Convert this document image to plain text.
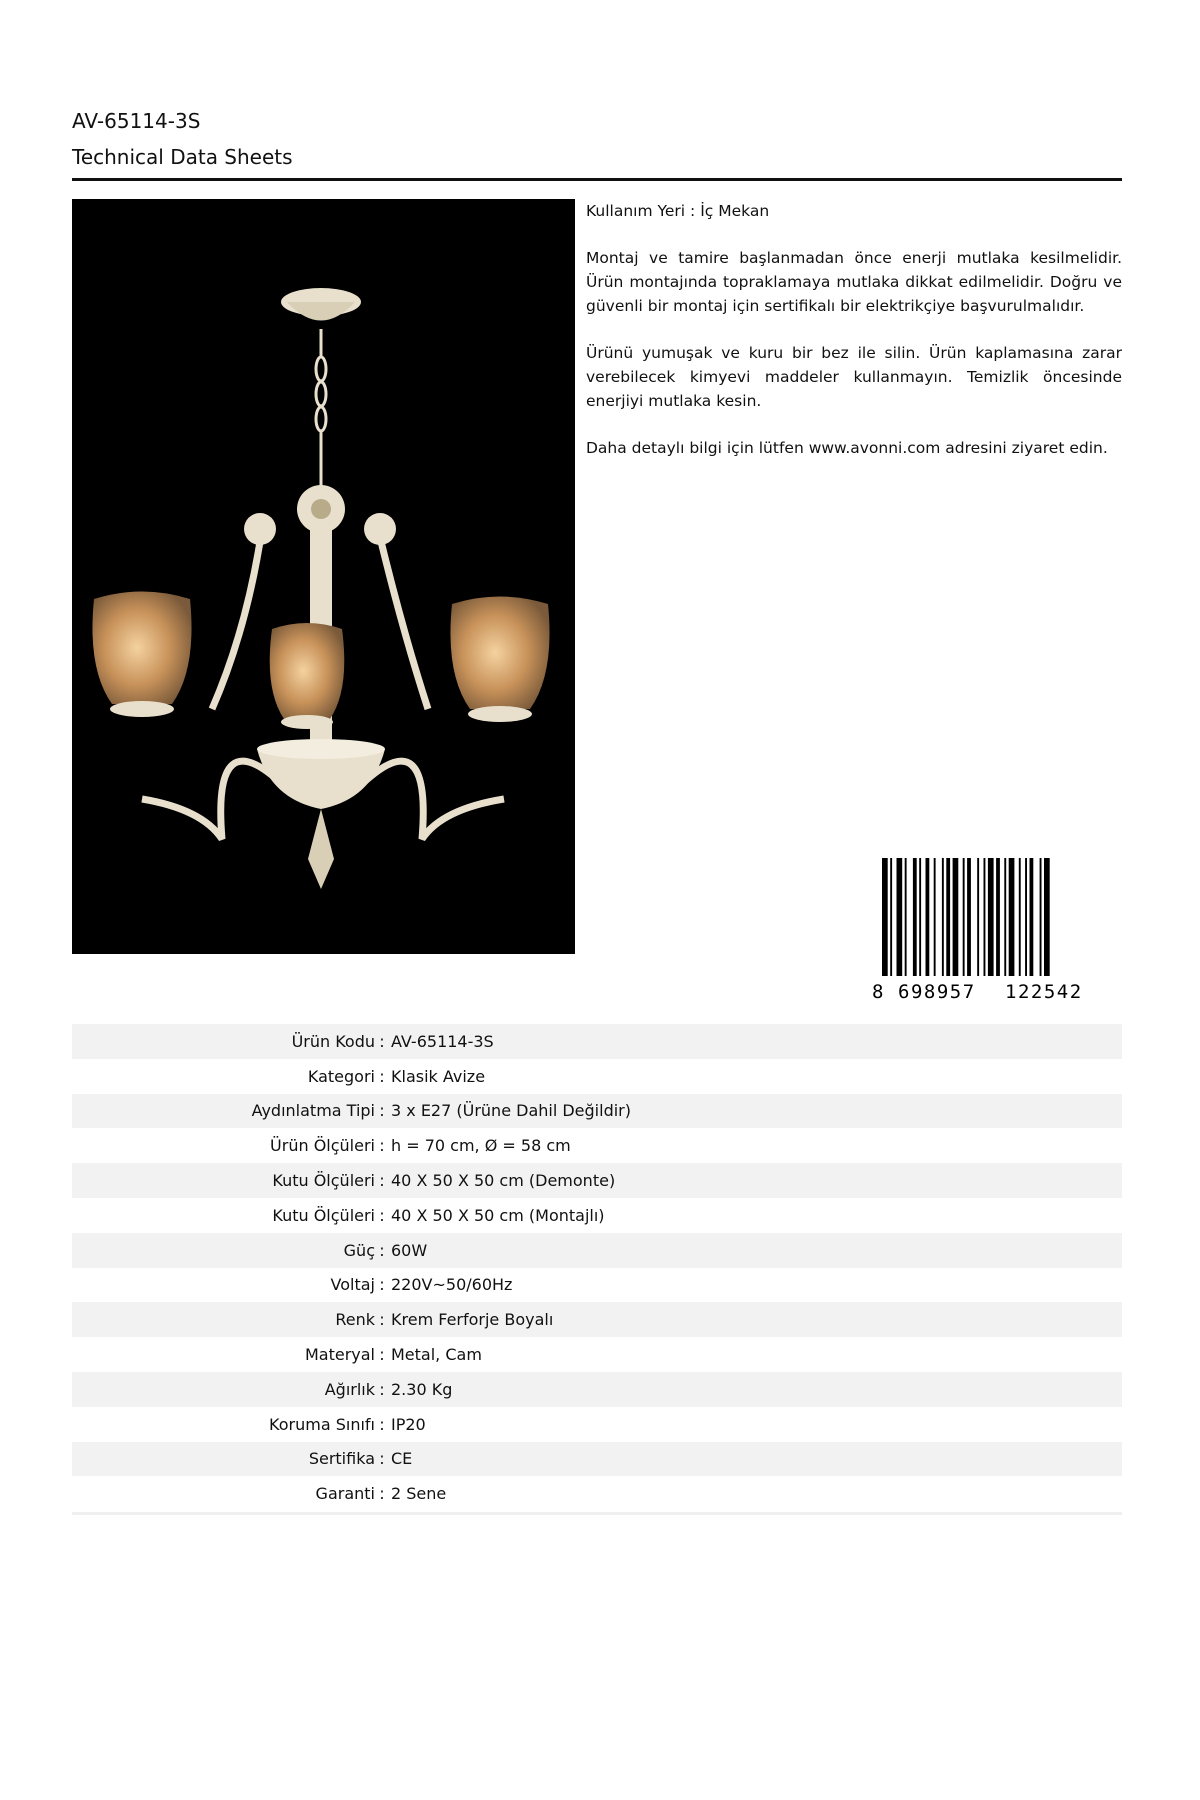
AV-65114-3S
Technical Data Sheets

Kullanım Yeri : İç Mekan

Montaj ve tamire başlanmadan önce enerji mutlaka kesilmelidir. Ürün montajında topraklamaya mutlaka dikkat edilmelidir. Doğru ve güvenli bir montaj için sertifikalı bir elektrikçiye başvurulmalıdır.

Ürünü yumuşak ve kuru bir bez ile silin. Ürün kaplamasına zarar verebilecek kimyevi maddeler kullanmayın. Temizlik öncesinde enerjiyi mutlaka kesin.

Daha detaylı bilgi için lütfen www.avonni.com adresini ziyaret edin.

8 698957 122542
Ürün Kodu : AV-65114-3S
Kategori : Klasik Avize
Aydınlatma Tipi : 3 x E27 (Ürüne Dahil Değildir)
Ürün Ölçüleri : h = 70 cm, Ø = 58 cm
Kutu Ölçüleri : 40 X 50 X 50 cm (Demonte)
Kutu Ölçüleri : 40 X 50 X 50 cm (Montajlı)
Güç : 60W
Voltaj : 220V~50/60Hz
Renk : Krem Ferforje Boyalı
Materyal : Metal, Cam
Ağırlık : 2.30 Kg
Koruma Sınıfı : IP20
Sertifika : CE
Garanti : 2 Sene
